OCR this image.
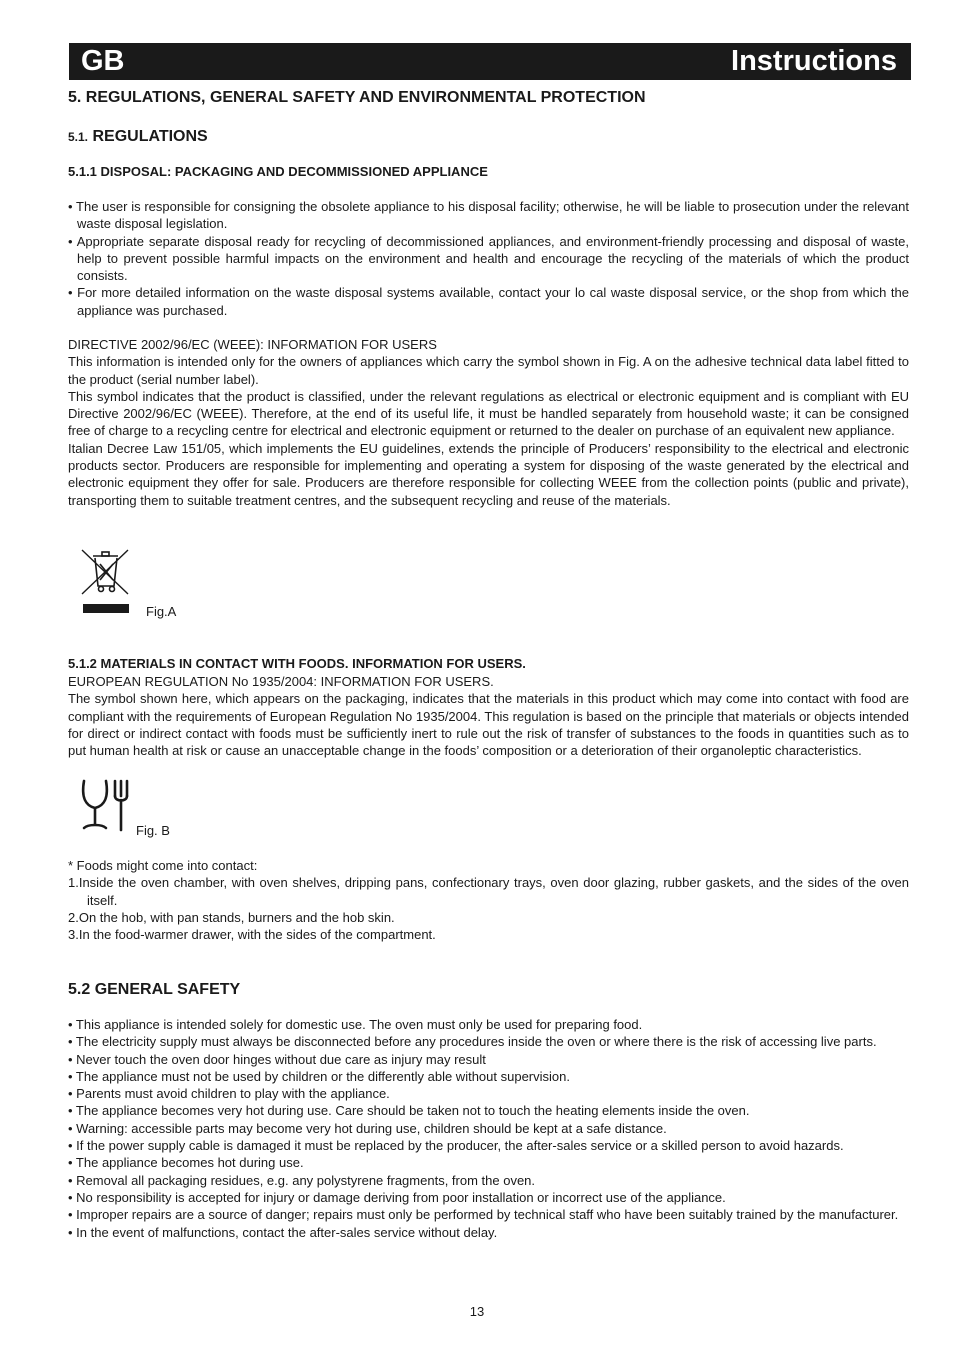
GB	Instructions
5. REGULATIONS, GENERAL SAFETY AND ENVIRONMENTAL PROTECTION
5.1. REGULATIONS
5.1.1 DISPOSAL: PACKAGING AND DECOMMISSIONED APPLIANCE
• The user is responsible for consigning the obsolete appliance to his disposal facility; otherwise, he will be liable to prosecution under the relevant waste disposal legislation.
• Appropriate separate disposal ready for recycling of decommissioned appliances, and environment-friendly processing and disposal of waste, help to prevent possible harmful impacts on the environment and health and encourage the recycling of the materials of which the product consists.
• For more detailed information on the waste disposal systems available, contact your lo cal waste disposal service, or the shop from which the appliance was purchased.
DIRECTIVE 2002/96/EC (WEEE): INFORMATION FOR USERS
This information is intended only for the owners of appliances which carry the symbol shown in Fig. A on the adhesive technical data label fitted to the product (serial number label).
This symbol indicates that the product is classified, under the relevant regulations as electrical or electronic equipment and is compliant with EU Directive 2002/96/EC (WEEE). Therefore, at the end of its useful life, it must be handled separately from household waste; it can be consigned free of charge to a recycling centre for electrical and electronic equipment or returned to the dealer on purchase of an equivalent new appliance.
Italian Decree Law 151/05, which implements the EU guidelines, extends the principle of Producers’ responsibility to the electrical and electronic products sector. Producers are responsible for implementing and operating a system for disposing of the waste generated by the electrical and electronic equipment they offer for sale. Producers are therefore responsible for collecting WEEE from the collection points (public and private), transporting them to suitable treatment centres, and the subsequent recycling and reuse of the materials.
Fig.A
5.1.2 MATERIALS IN CONTACT WITH FOODS. INFORMATION FOR USERS.
EUROPEAN REGULATION No 1935/2004: INFORMATION FOR USERS.
The symbol shown here, which appears on the packaging, indicates that the materials in this product which may come into contact with food are compliant with the requirements of European Regulation No 1935/2004. This regulation is based on the principle that materials or objects intended for direct or indirect contact with foods must be sufficiently inert to rule out the risk of transfer of substances to the foods in quantities such as to put human health at risk or cause an unacceptable change in the foods’ composition or a deterioration of their organoleptic characteristics.
Fig. B
* Foods might come into contact:
1.Inside the oven chamber, with oven shelves, dripping pans, confectionary trays, oven door glazing, rubber gaskets, and the sides of the oven itself.
2.On the hob, with pan stands, burners and the hob skin.
3.In the food-warmer drawer, with the sides of the compartment.
5.2 GENERAL SAFETY
• This appliance is intended solely for domestic use. The oven must only be used for preparing food.
• The electricity supply must always be disconnected before any procedures inside the oven or where there is the risk of accessing live parts.
• Never touch the oven door hinges without due care as injury may result
• The appliance must not be used by children or the differently able without supervision.
• Parents must avoid children to play with the appliance.
• The appliance becomes very hot during use. Care should be taken not to touch the heating elements inside the oven.
• Warning: accessible parts may become very hot during use, children should be kept at a safe distance.
• If the power supply cable is damaged it must be replaced by the producer, the after-sales service or a skilled person to avoid hazards.
• The appliance becomes hot during use.
• Removal all packaging residues, e.g. any polystyrene fragments, from the oven.
• No responsibility is accepted for injury or damage deriving from poor installation or incorrect use of the appliance.
• Improper repairs are a source of danger; repairs must only be performed by technical staff who have been suitably trained by the manufacturer.
• In the event of malfunctions, contact the after-sales service without delay.
13
